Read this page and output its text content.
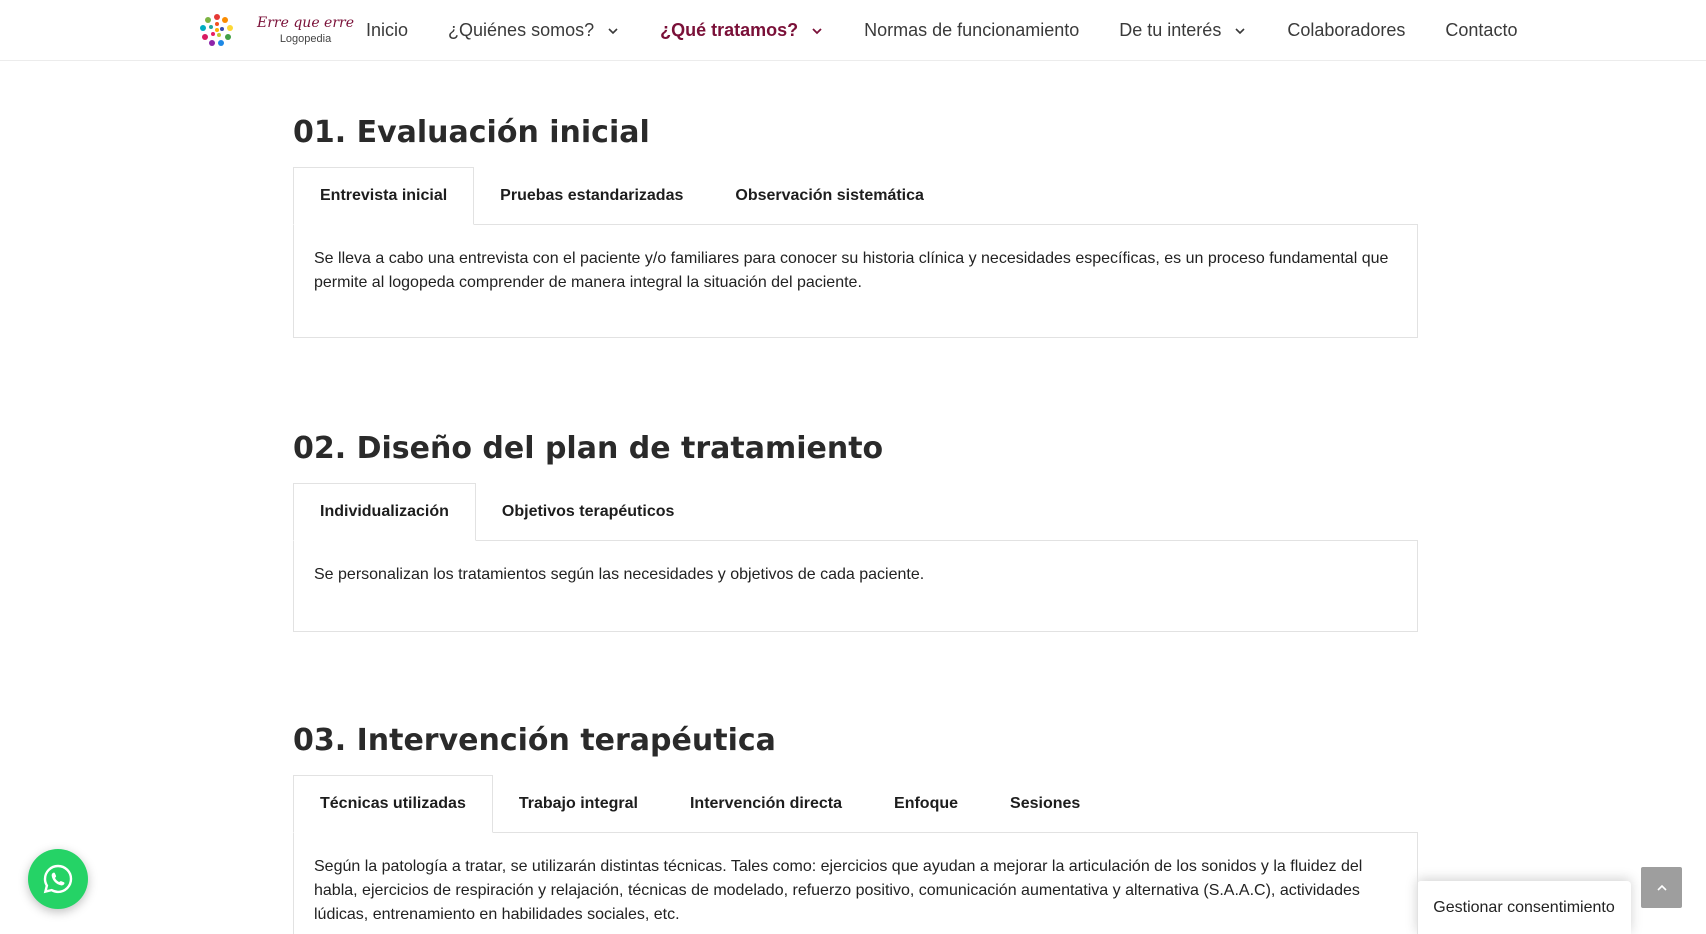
Erre que erre
Logopedia Inicio ¿Quiénes somos?	¿Qué tratamos?	Normas de funcionamiento De tu interés	Colaboradores Contacto
01. Evaluación inicial
Entrevista inicial	Pruebas estandarizadas	Observación sistemática
Se lleva a cabo una entrevista con el paciente y/o familiares para conocer su historia clínica y necesidades específicas, es un proceso fundamental que permite al logopeda comprender de manera integral la situación del paciente.
02. Diseño del plan de tratamiento
Individualización	Objetivos terapéuticos
Se personalizan los tratamientos según las necesidades y objetivos de cada paciente.
03. Intervención terapéutica
Técnicas utilizadas	Trabajo integral	Intervención directa	Enfoque	Sesiones
Según la patología a tratar, se utilizarán distintas técnicas. Tales como: ejercicios que ayudan a mejorar la articulación de los sonidos y la fluidez del habla, ejercicios de respiración y relajación, técnicas de modelado, refuerzo positivo, comunicación aumentativa y alternativa (S.A.A.C), actividades lúdicas, entrenamiento en habilidades sociales, etc.	Gestionar consentimiento
